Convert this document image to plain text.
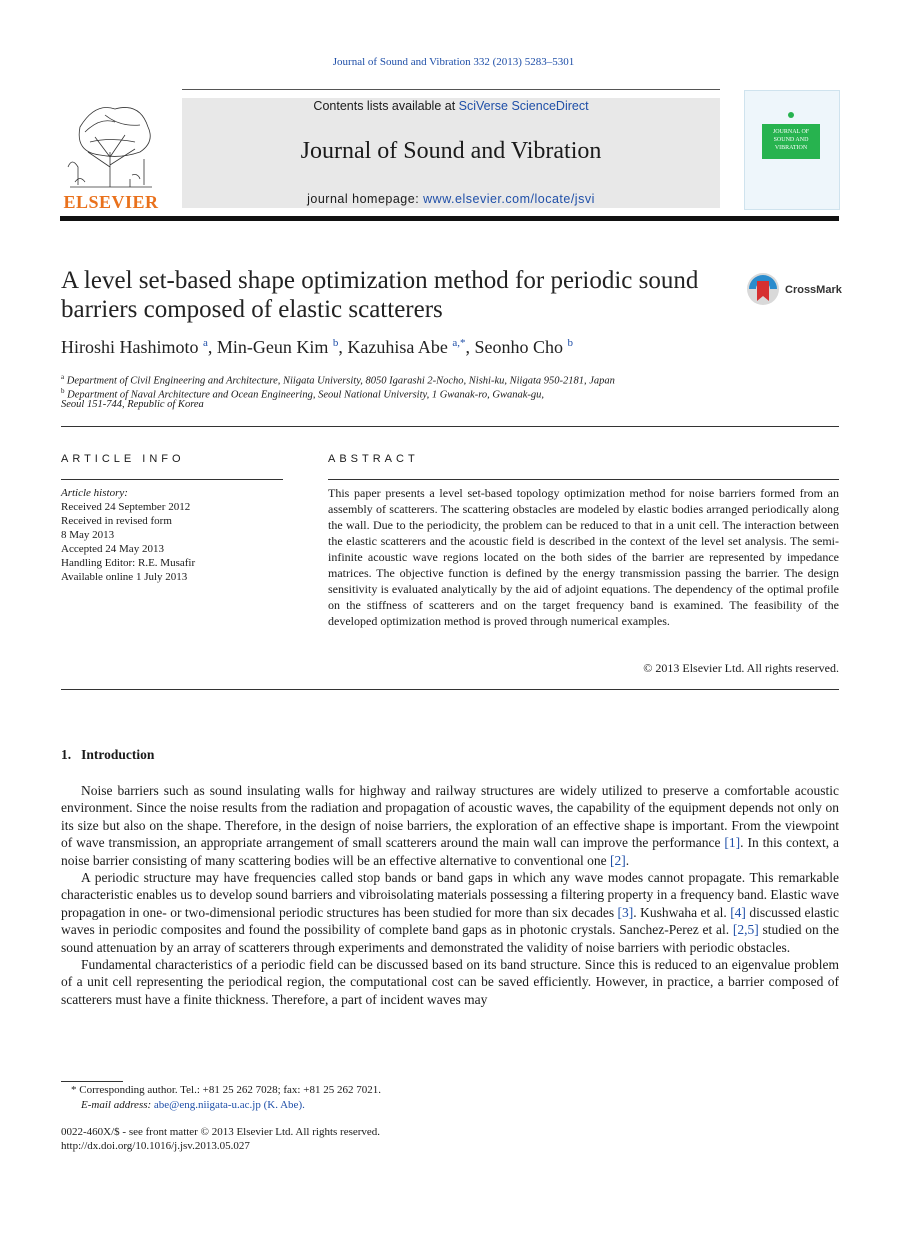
Journal of Sound and Vibration 332 (2013) 5283–5301
ELSEVIER
Contents lists available at SciVerse ScienceDirect
Journal of Sound and Vibration
journal homepage: www.elsevier.com/locate/jsvi
JOURNAL OF SOUND AND VIBRATION
A level set-based shape optimization method for periodic sound barriers composed of elastic scatterers
CrossMark
Hiroshi Hashimoto $^a$, Min-Geun Kim $^b$, Kazuhisa Abe $^{a,*}$, Seonho Cho $^b$
$^a$ Department of Civil Engineering and Architecture, Niigata University, 8050 Igarashi 2-Nocho, Nishi-ku, Niigata 950-2181, Japan
$^b$ Department of Naval Architecture and Ocean Engineering, Seoul National University, 1 Gwanak-ro, Gwanak-gu,
Seoul 151-744, Republic of Korea
ARTICLE INFO
Article history:
Received 24 September 2012
Received in revised form
8 May 2013
Accepted 24 May 2013
Handling Editor: R.E. Musafir
Available online 1 July 2013
ABSTRACT
This paper presents a level set-based topology optimization method for noise barriers formed from an assembly of scatterers. The scattering obstacles are modeled by elastic bodies arranged periodically along the wall. Due to the periodicity, the problem can be reduced to that in a unit cell. The interaction between the elastic scatterers and the acoustic field is described in the context of the level set analysis. The semi-infinite acoustic wave regions located on the both sides of the barrier are represented by impedance matrices. The objective function is defined by the energy transmission passing the barrier. The design sensitivity is evaluated analytically by the aid of adjoint equations. The dependency of the optimal profile on the stiffness of scatterers and on the target frequency band is examined. The feasibility of the developed optimization method is proved through numerical examples.
© 2013 Elsevier Ltd. All rights reserved.
1. Introduction

Noise barriers such as sound insulating walls for highway and railway structures are widely utilized to preserve a comfortable acoustic environment. Since the noise results from the radiation and propagation of acoustic waves, the capability of the equipment depends not only on its size but also on the shape. Therefore, in the design of noise barriers, the exploration of an effective shape is important. From the viewpoint of wave transmission, an appropriate arrangement of small scatterers around the main wall can improve the performance [1]. In this context, a noise barrier consisting of many scattering bodies will be an effective alternative to conventional one [2].

A periodic structure may have frequencies called stop bands or band gaps in which any wave modes cannot propagate. This remarkable characteristic enables us to develop sound barriers and vibroisolating materials possessing a filtering property in a frequency band. Elastic wave propagation in one- or two-dimensional periodic structures has been studied for more than six decades [3]. Kushwaha et al. [4] discussed elastic waves in periodic composites and found the possibility of complete band gaps as in photonic crystals. Sanchez-Perez et al. [2,5] studied on the sound attenuation by an array of scatterers through experiments and demonstrated the validity of noise barriers with periodic obstacles.

Fundamental characteristics of a periodic field can be discussed based on its band structure. Since this is reduced to an eigenvalue problem of a unit cell representing the periodical region, the computational cost can be saved efficiently. However, in practice, a barrier composed of scatterers must have a finite thickness. Therefore, a part of incident waves may

* Corresponding author. Tel.: +81 25 262 7028; fax: +81 25 262 7021.
E-mail address: abe@eng.niigata-u.ac.jp (K. Abe).
0022-460X/$ - see front matter © 2013 Elsevier Ltd. All rights reserved.
http://dx.doi.org/10.1016/j.jsv.2013.05.027
